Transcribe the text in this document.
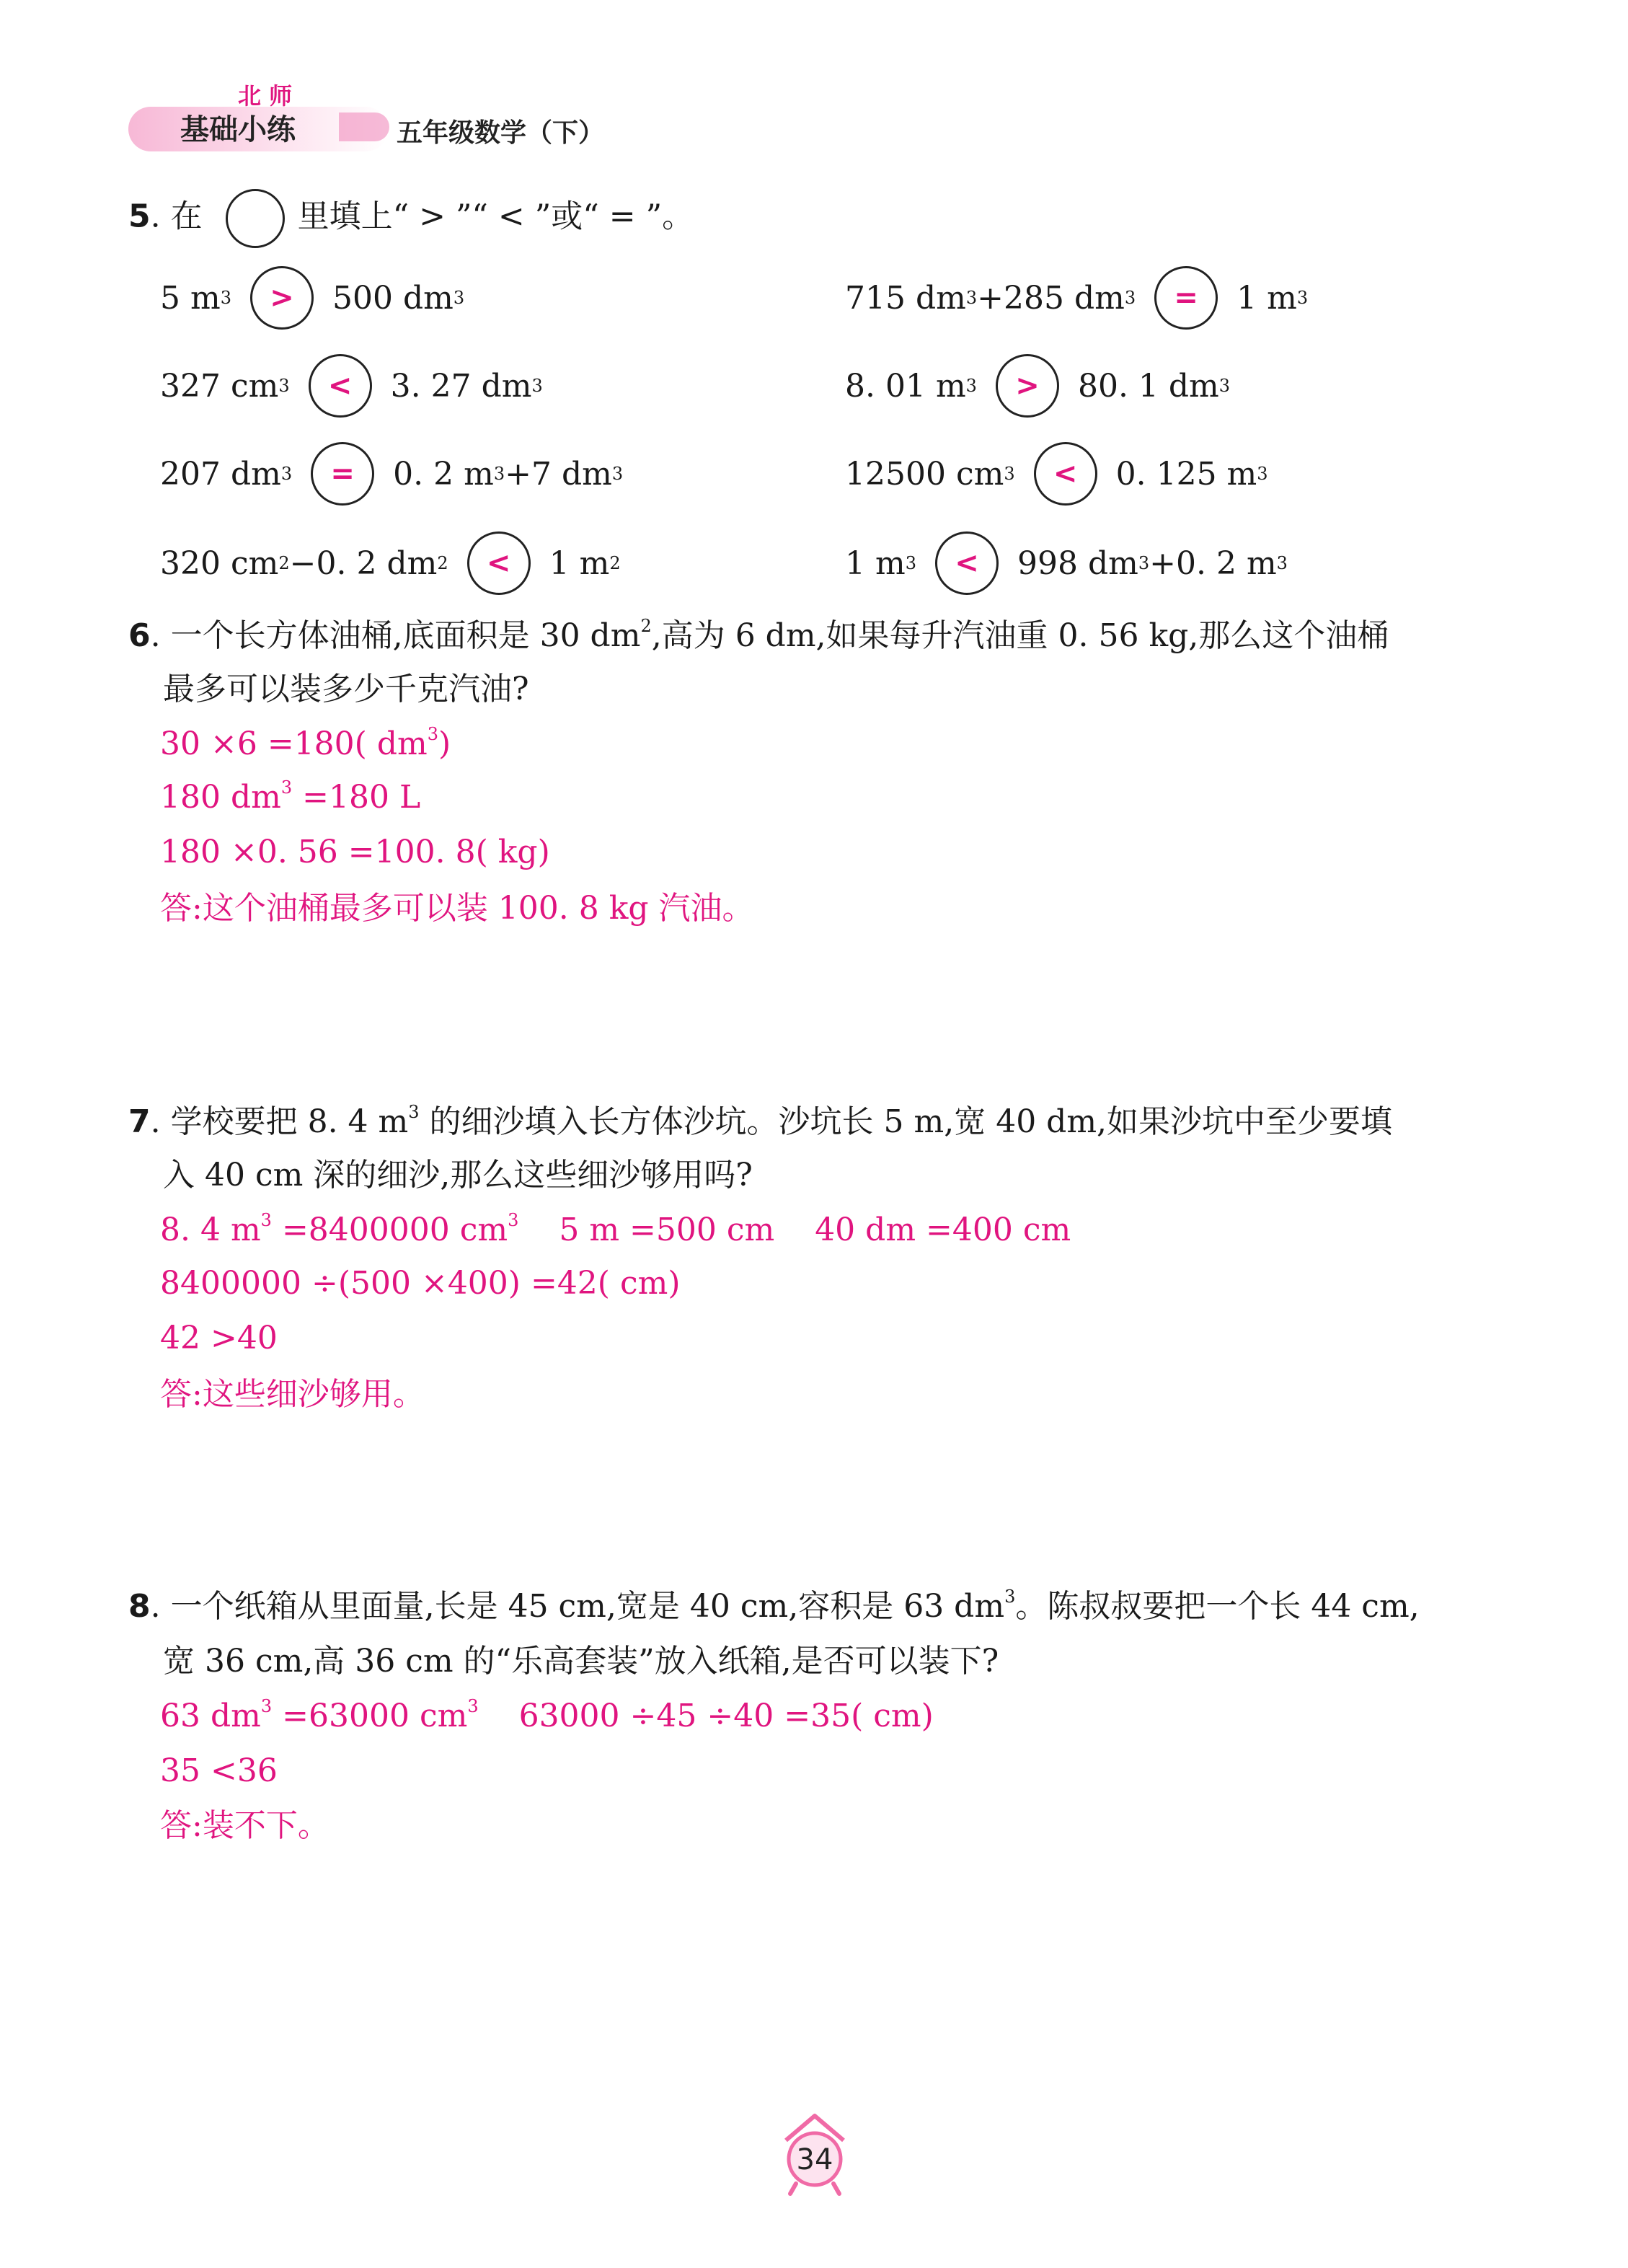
北 师
基础小练	五年级数学（下）
5. 在	里填上“ > ”“ < ”或“ = ”。
5 m 3	>	500 dm 3	715 dm 3 +285 dm 3	=	1 m 3
327 cm 3	<	3. 27 dm 3	8. 01 m 3	>	80. 1 dm 3
207 dm 3	=	0. 2 m 3 +7 dm 3	12500 cm 3	<	0. 125 m 3
320 cm 2 −0. 2 dm 2	<	1 m 2	1 m 3	<	998 dm 3 +0. 2 m 3
6. 一个长方体油桶,底面积是 30 $dm^2$,高为 6 dm,如果每升汽油重 0. 56 kg,那么这个油桶
最多可以装多少千克汽油?
30 ×6 =180( $dm^3$)
180 $dm^3 =180$ L
180 ×0. 56 =100. 8( kg)
答:这个油桶最多可以装 100. 8 kg 汽油。
7. 学校要把 8. 4 $m^3$ 的细沙填入长方体沙坑。沙坑长 5 m,宽 40 dm,如果沙坑中至少要填
入 40 cm 深的细沙,那么这些细沙够用吗?
8. 4 $m^3 =8400000$ $cm^3$    5 m =500 cm    40 dm =400 cm
8400000 ÷(500 ×400) =42( cm)
42 >40
答:这些细沙够用。
8. 一个纸箱从里面量,长是 45 cm,宽是 40 cm,容积是 63 $dm^3$。陈叔叔要把一个长 44 cm,
宽 36 cm,高 36 cm 的“乐高套装”放入纸箱,是否可以装下?
63 $dm^3 =63000$ $cm^3$    63000 ÷45 ÷40 =35( cm)
35 <36
答:装不下。
34
